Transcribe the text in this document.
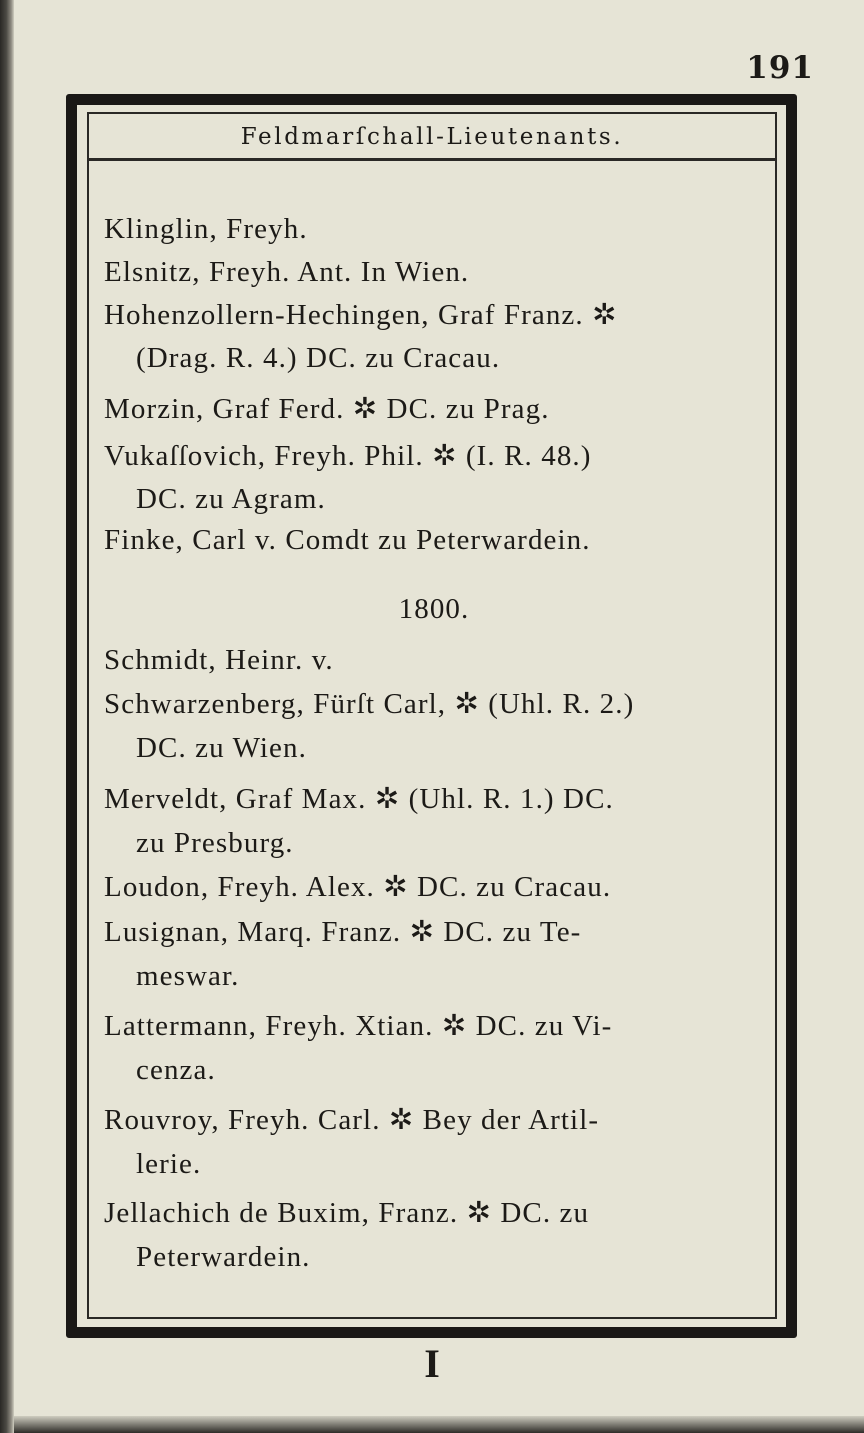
191
Feldmarſchall-Lieutenants.
Klinglin, Freyh.
Elsnitz, Freyh. Ant. In Wien.
Hohenzollern-Hechingen, Graf Franz. ✲
(Drag. R. 4.) DC. zu Cracau.
Morzin, Graf Ferd. ✲ DC. zu Prag.
Vukaſſovich, Freyh. Phil. ✲ (I. R. 48.)
DC. zu Agram.
Finke, Carl v. Comdt zu Peterwardein.
1800.
Schmidt, Heinr. v.
Schwarzenberg, Fürſt Carl, ✲ (Uhl. R. 2.)
DC. zu Wien.
Merveldt, Graf Max. ✲ (Uhl. R. 1.) DC.
zu Presburg.
Loudon, Freyh. Alex. ✲ DC. zu Cracau.
Lusignan, Marq. Franz. ✲ DC. zu Te-
meswar.
Lattermann, Freyh. Xtian. ✲ DC. zu Vi-
cenza.
Rouvroy, Freyh. Carl. ✲ Bey der Artil-
lerie.
Jellachich de Buxim, Franz. ✲ DC. zu
Peterwardein.
I
